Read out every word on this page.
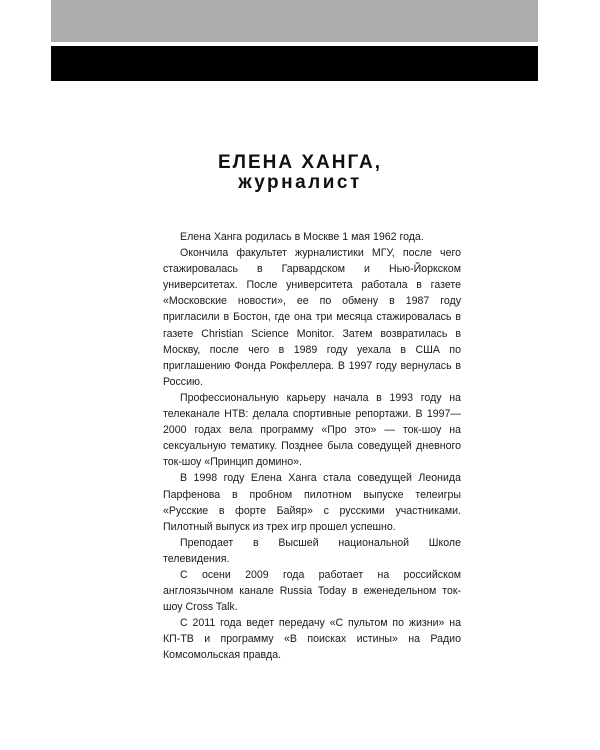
ЕЛЕНА ХАНГА,
журналист

Елена Ханга родилась в Москве 1 мая 1962 года.

Окончила факультет журналистики МГУ, после чего стажировалась в Гарвардском и Нью-Йоркском университетах. После университета работала в газете «Московские новости», ее по обмену в 1987 году пригласили в Бостон, где она три месяца стажировалась в газете Christian Science Monitor. Затем возвратилась в Москву, после чего в 1989 году уехала в США по приглашению Фонда Рокфеллера. В 1997 году вернулась в Россию.

Профессиональную карьеру начала в 1993 году на телеканале НТВ: делала спортивные репортажи. В 1997—2000 годах вела программу «Про это» — ток-шоу на сексуальную тематику. Позднее была соведущей дневного ток-шоу «Принцип домино».

В 1998 году Елена Ханга стала соведущей Леонида Парфенова в пробном пилотном выпуске телеигры «Русские в форте Байяр» с русскими участниками. Пилотный выпуск из трех игр прошел успешно.

Преподает в Высшей национальной Школе телевидения.

С осени 2009 года работает на российском англоязычном канале Russia Today в еженедельном ток-шоу Cross Talk.

С 2011 года ведет передачу «С пультом по жизни» на КП-ТВ и программу «В поисках истины» на Радио Комсомольская правда.
